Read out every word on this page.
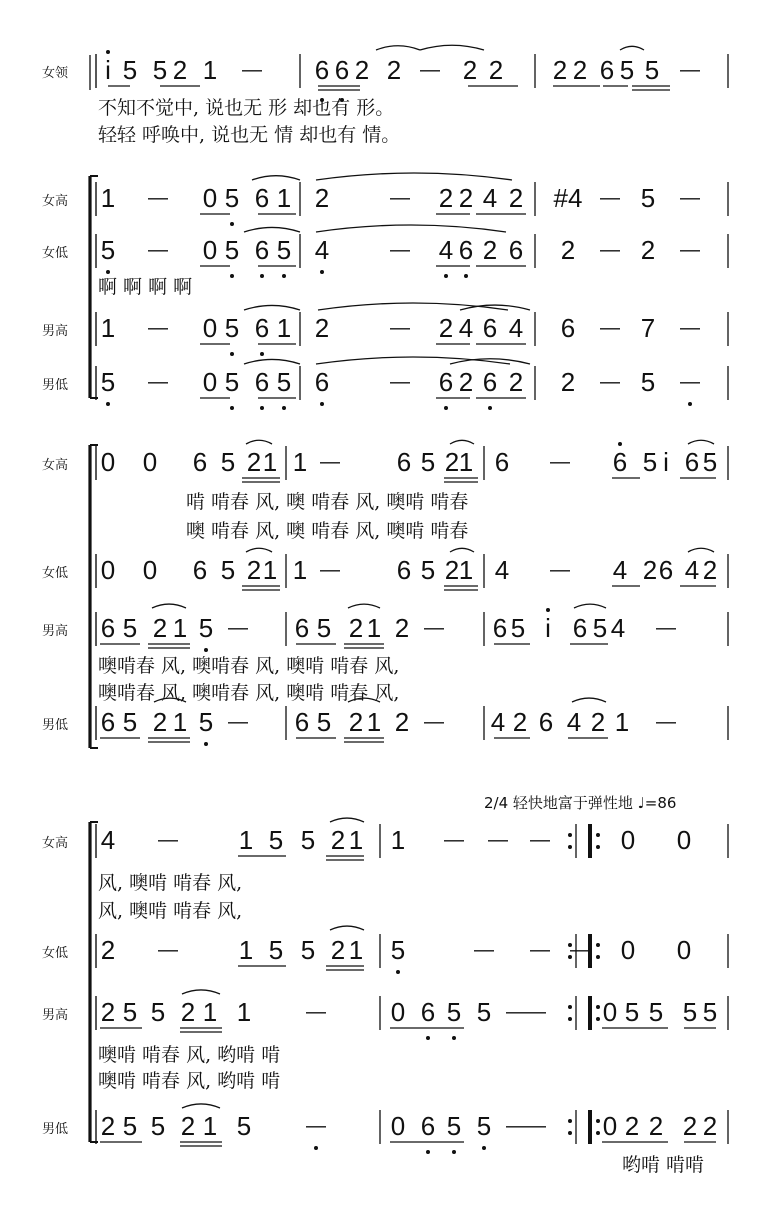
女领 i 5 5 2 1 — 6 6 2 2 — 2 2 2 2 6 5 5 —
不知不觉中, 说也无 形 却也有 形。
轻轻 呼唤中, 说也无 情 却也有 情。
女高 1 — 0 5 6 1 2	— 2 2 4 2 #4 — 5 —
女低 5 — 0 5 6 5 4	— 4 6 2 6 2 — 2 —
啊 啊 啊 啊
男高 1 — 0 5 6 1 2	— 2 4 6 4 6 — 7 —
男低 5 — 0 5 6 5 6	— 6 2 6 2 2 — 5 —
女高 0 0 6 5 2 1 1 — 6 5 2 1 6 — 6 5 i 6 5
啃 啃春 风, 噢 啃春 风, 噢啃 啃春
噢 啃春 风, 噢 啃春 风, 噢啃 啃春
女低 0 0 6 5 2 1 1 — 6 5 2 1 4 — 4 2 6 4 2
男高 6 5 2 1 5 — 6 5 2 1 2 — 6 5 i 6 5 4 —
噢啃春 风, 噢啃春 风, 噢啃 啃春 风,
噢啃春 风, 噢啃春 风, 噢啃 啃春 风,
男低 6 5 2 1 5 — 6 5 2 1 2 — 4 2 6 4 2 1 —
女高 4 — 1 5 5 2 1 1 — — —	0 0
风, 噢啃 啃春 风,
风, 噢啃 啃春 风,
女低 2 — 1 5 5 2 1 5	— — — 0 0
男高 2 5 5 2 1 1	— 0 6 5 5 — — 0 5 5 5 5
噢啃 啃春 风, 哟啃 啃
噢啃 啃春 风, 哟啃 啃
男低 2 5 5 2 1 5	— 0 6 5 5 — — 0 2 2 2 2
哟啃 啃啃
2/4 轻快地富于弹性地 ♩=86
